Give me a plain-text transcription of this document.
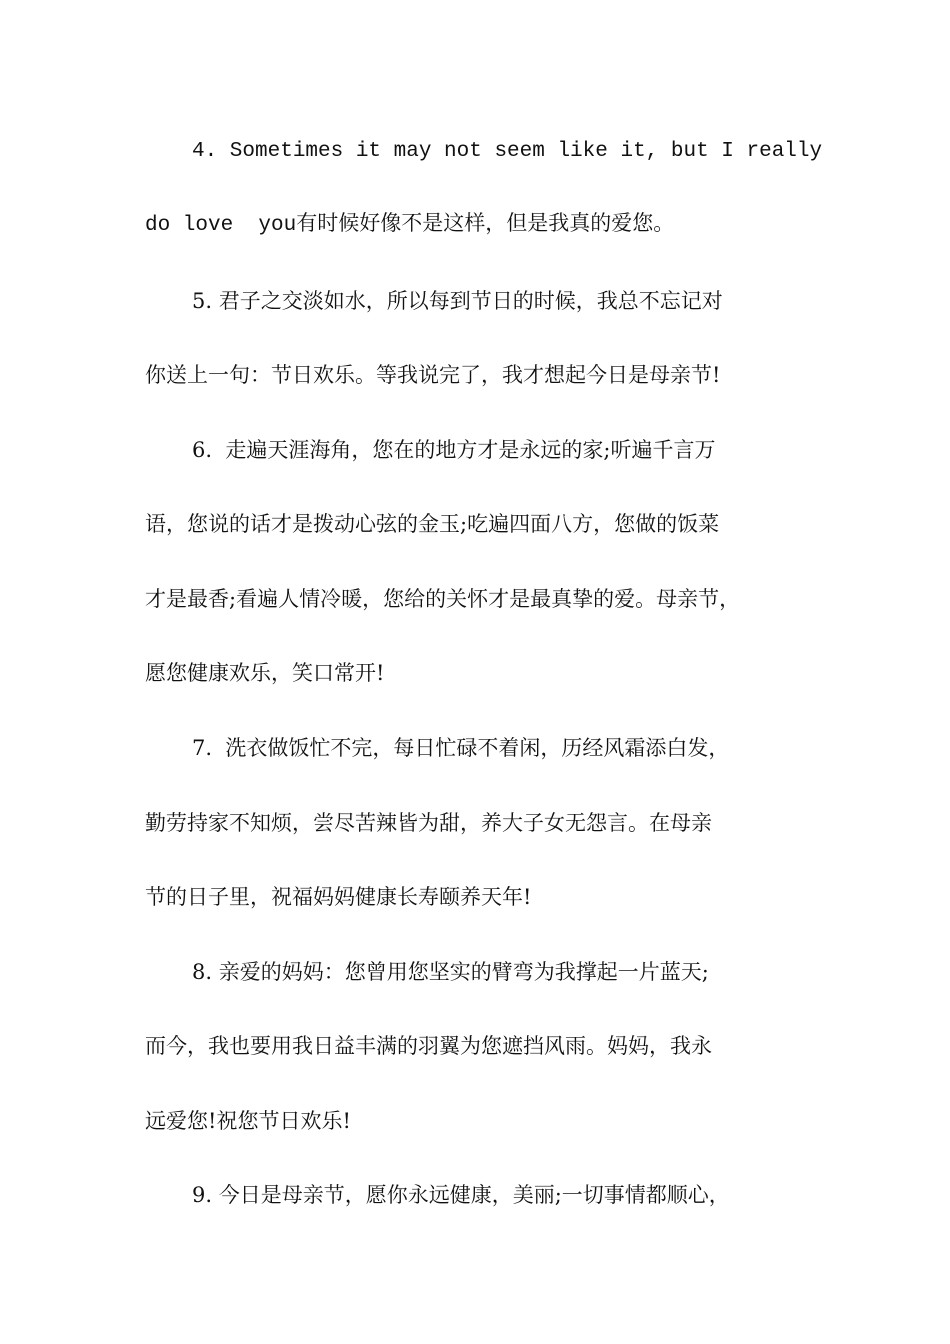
4. Sometimes it may not seem like it, but I really
do love  you有时候好像不是这样，但是我真的爱您。
5. 君子之交淡如水，所以每到节日的时候，我总不忘记对
你送上一句：节日欢乐。等我说完了，我才想起今日是母亲节!
6.  走遍天涯海角，您在的地方才是永远的家;听遍千言万
语，您说的话才是拨动心弦的金玉;吃遍四面八方，您做的饭菜
才是最香;看遍人情冷暖，您给的关怀才是最真挚的爱。母亲节，
愿您健康欢乐，笑口常开!
7.  洗衣做饭忙不完，每日忙碌不着闲，历经风霜添白发，
勤劳持家不知烦，尝尽苦辣皆为甜，养大子女无怨言。在母亲
节的日子里，祝福妈妈健康长寿颐养天年!
8. 亲爱的妈妈：您曾用您坚实的臂弯为我撑起一片蓝天;
而今，我也要用我日益丰满的羽翼为您遮挡风雨。妈妈，我永
远爱您!祝您节日欢乐!
9. 今日是母亲节，愿你永远健康，美丽;一切事情都顺心，
